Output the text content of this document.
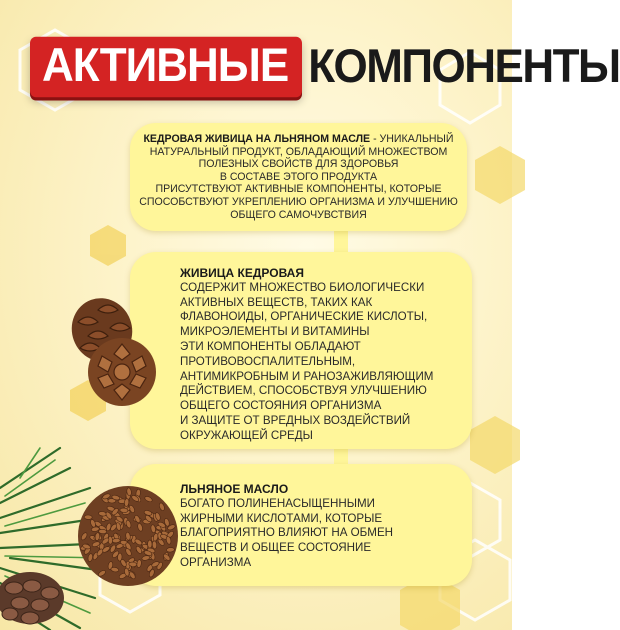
АКТИВНЫЕ КОМПОНЕНТЫ
КЕДРОВАЯ ЖИВИЦА НА ЛЬНЯНОМ МАСЛЕ - УНИКАЛЬНЫЙ
НАТУРАЛЬНЫЙ ПРОДУКТ, ОБЛАДАЮЩИЙ МНОЖЕСТВОМ
ПОЛЕЗНЫХ СВОЙСТВ ДЛЯ ЗДОРОВЬЯ
В СОСТАВЕ ЭТОГО ПРОДУКТА
ПРИСУТСТВУЮТ АКТИВНЫЕ КОМПОНЕНТЫ, КОТОРЫЕ
СПОСОБСТВУЮТ УКРЕПЛЕНИЮ ОРГАНИЗМА И УЛУЧШЕНИЮ
ОБЩЕГО САМОЧУВСТВИЯ
ЖИВИЦА КЕДРОВАЯ
СОДЕРЖИТ МНОЖЕСТВО БИОЛОГИЧЕСКИ
АКТИВНЫХ ВЕЩЕСТВ, ТАКИХ КАК
ФЛАВОНОИДЫ, ОРГАНИЧЕСКИЕ КИСЛОТЫ,
МИКРОЭЛЕМЕНТЫ И ВИТАМИНЫ
ЭТИ КОМПОНЕНТЫ ОБЛАДАЮТ
ПРОТИВОВОСПАЛИТЕЛЬНЫМ,
АНТИМИКРОБНЫМ И РАНОЗАЖИВЛЯЮЩИМ
ДЕЙСТВИЕМ, СПОСОБСТВУЯ УЛУЧШЕНИЮ
ОБЩЕГО СОСТОЯНИЯ ОРГАНИЗМА
И ЗАЩИТЕ ОТ ВРЕДНЫХ ВОЗДЕЙСТВИЙ
ОКРУЖАЮЩЕЙ СРЕДЫ
ЛЬНЯНОЕ МАСЛО
БОГАТО ПОЛИНЕНАСЫЩЕННЫМИ
ЖИРНЫМИ КИСЛОТАМИ, КОТОРЫЕ
БЛАГОПРИЯТНО ВЛИЯЮТ НА ОБМЕН
ВЕЩЕСТВ И ОБЩЕЕ СОСТОЯНИЕ
ОРГАНИЗМА
